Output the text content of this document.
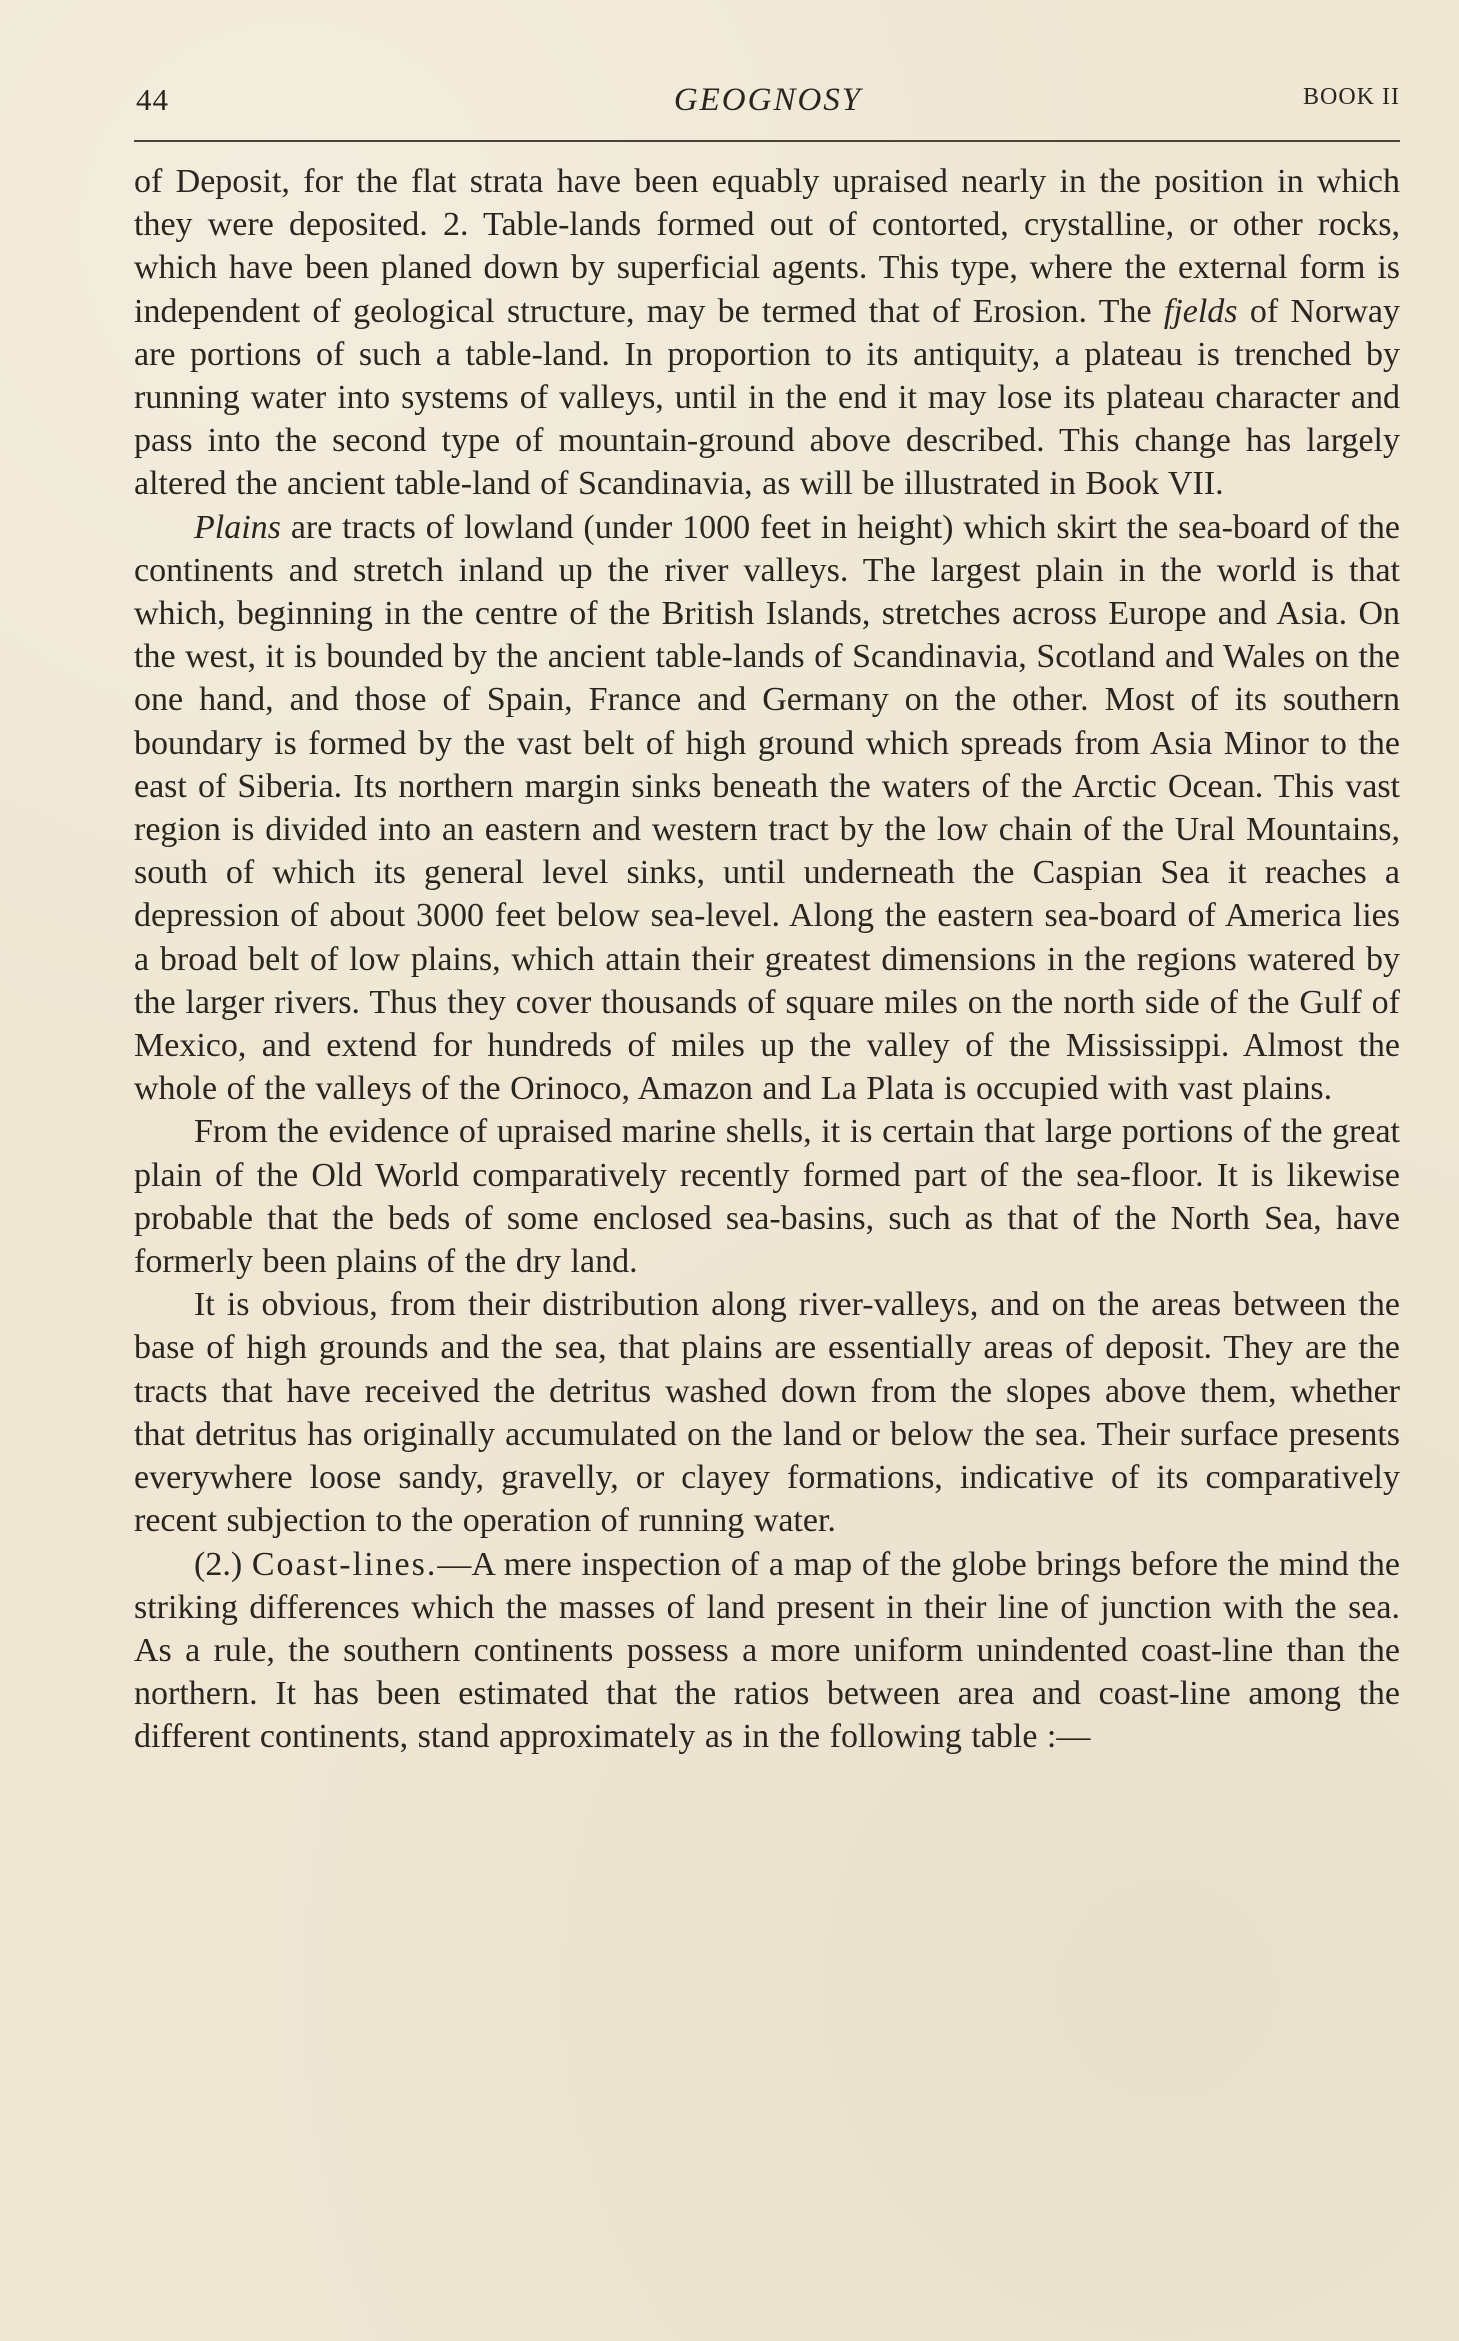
44	GEOGNOSY	BOOK II

of Deposit, for the flat strata have been equably upraised nearly in the position in which they were deposited. 2. Table-lands formed out of contorted, crystalline, or other rocks, which have been planed down by superficial agents. This type, where the external form is independent of geological structure, may be termed that of Erosion. The fjelds of Norway are portions of such a table-land. In proportion to its antiquity, a plateau is trenched by running water into systems of valleys, until in the end it may lose its plateau character and pass into the second type of mountain-ground above described. This change has largely altered the ancient table-land of Scandinavia, as will be illustrated in Book VII.

Plains are tracts of lowland (under 1000 feet in height) which skirt the sea-board of the continents and stretch inland up the river valleys. The largest plain in the world is that which, beginning in the centre of the British Islands, stretches across Europe and Asia. On the west, it is bounded by the ancient table-lands of Scandinavia, Scotland and Wales on the one hand, and those of Spain, France and Germany on the other. Most of its southern boundary is formed by the vast belt of high ground which spreads from Asia Minor to the east of Siberia. Its northern margin sinks beneath the waters of the Arctic Ocean. This vast region is divided into an eastern and western tract by the low chain of the Ural Mountains, south of which its general level sinks, until underneath the Caspian Sea it reaches a depression of about 3000 feet below sea-level. Along the eastern sea-board of America lies a broad belt of low plains, which attain their greatest dimensions in the regions watered by the larger rivers. Thus they cover thousands of square miles on the north side of the Gulf of Mexico, and extend for hundreds of miles up the valley of the Mississippi. Almost the whole of the valleys of the Orinoco, Amazon and La Plata is occupied with vast plains.

From the evidence of upraised marine shells, it is certain that large portions of the great plain of the Old World comparatively recently formed part of the sea-floor. It is likewise probable that the beds of some enclosed sea-basins, such as that of the North Sea, have formerly been plains of the dry land.

It is obvious, from their distribution along river-valleys, and on the areas between the base of high grounds and the sea, that plains are essentially areas of deposit. They are the tracts that have received the detritus washed down from the slopes above them, whether that detritus has originally accumulated on the land or below the sea. Their surface presents everywhere loose sandy, gravelly, or clayey formations, indicative of its comparatively recent subjection to the operation of running water.

(2.) Coast-lines.—A mere inspection of a map of the globe brings before the mind the striking differences which the masses of land present in their line of junction with the sea. As a rule, the southern continents possess a more uniform unindented coast-line than the northern. It has been estimated that the ratios between area and coast-line among the different continents, stand approximately as in the following table :—
